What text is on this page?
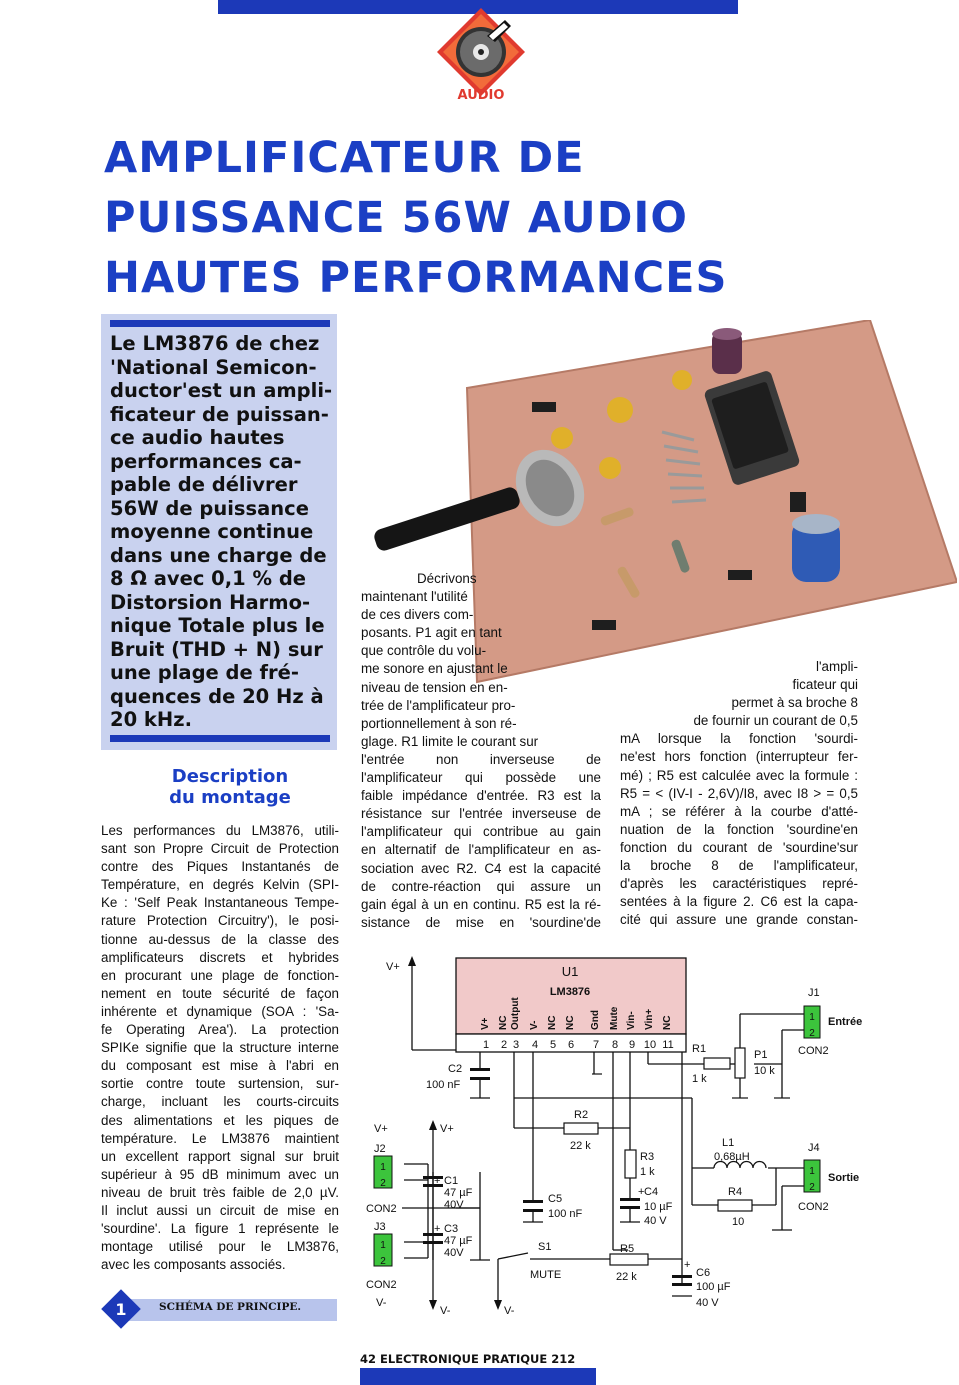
AUDIO
AMPLIFICATEUR DE
PUISSANCE 56W AUDIO
HAUTES PERFORMANCES
Le LM3876 de chez
'National Semicon-
ductor'est un ampli-
ficateur de puissan-
ce audio hautes
performances ca-
pable de délivrer
56W de puissance
moyenne continue
dans une charge de
8 Ω avec 0,1 % de
Distorsion Harmo-
nique Totale plus le
Bruit (THD + N) sur
une plage de fré-
quences de 20 Hz à
20 kHz.
Description
du montage
Les performances du LM3876, utili-
sant son Propre Circuit de Protection
contre des Piques Instantanés de
Température, en degrés Kelvin (SPI-
Ke : 'Self Peak Instantaneous Tempe-
rature Protection Circuitry'), le posi-
tionne au-dessus de la classe des
amplificateurs discrets et hybrides
en procurant une plage de fonction-
nement en toute sécurité de façon
inhérente et dynamique (SOA : 'Sa-
fe Operating Area'). La protection
SPIKe signifie que la structure interne
du composant est mise à l'abri en
sortie contre toute surtension, sur-
charge, incluant les courts-circuits
des alimentations et les piques de
température. Le LM3876 maintient
un excellent rapport signal sur bruit
supérieur à 95 dB minimum avec un
niveau de bruit très faible de 2,0 µV.
Il inclut aussi un circuit de mise en
'sourdine'. La figure 1 représente le
montage utilisé pour le LM3876,
avec les composants associés.
Décrivons
maintenant l'utilité
de ces divers com-
posants. P1 agit en tant
que contrôle du volu-
me sonore en ajustant le
niveau de tension en en-
trée de l'amplificateur pro-
portionnellement à son ré-
glage. R1 limite le courant sur
l'entrée non inverseuse de
l'amplificateur qui possède une
faible impédance d'entrée. R3 est la
résistance sur l'entrée inverseuse de
l'amplificateur qui contribue au gain
en alternatif de l'amplificateur en as-
sociation avec R2. C4 est la capacité
de contre-réaction qui assure un
gain égal à un en continu. R5 est la ré-
sistance de mise en 'sourdine'de
l'ampli-
ficateur qui
permet à sa broche 8
de fournir un courant de 0,5
mA lorsque la fonction 'sourdi-
ne'est hors fonction (interrupteur fer-
mé) ; R5 est calculée avec la formule :
R5 = < (IV-I - 2,6V)/I8, avec I8 > = 0,5
mA ; se référer à la courbe d'atté-
nuation de la fonction 'sourdine'en
fonction du courant de 'sourdine'sur
la broche 8 de l'amplificateur,
d'après les caractéristiques repré-
sentées à la figure 2. C6 est la capa-
cité qui assure une grande constan-
1	SCHÉMA DE PRINCIPE.
U1
LM3876
V+ NC Output V- NC NC Gnd Mute Vin- Vin+ NC
1 2 3 4 5 6 7 8 9 10 11
V+
V+	V+
V-
V-
V-
C2
100 nF
R1
1 k
P1
10 k
J1
CON2
Entrée
R2
22 k
R3
1 k
+ C4
10 µF
40 V
L1
0,68µH
R4
10
J4
CON2
Sortie
C5
100 nF
S1
MUTE
R5
22 k
+
C6
100 µF
40 V
J2
CON2
J3
CON2
+ C1
47 µF
40V
+ C3
47 µF
40V
1
2
1
2
1
2
1
2
42 ELECTRONIQUE PRATIQUE 212
